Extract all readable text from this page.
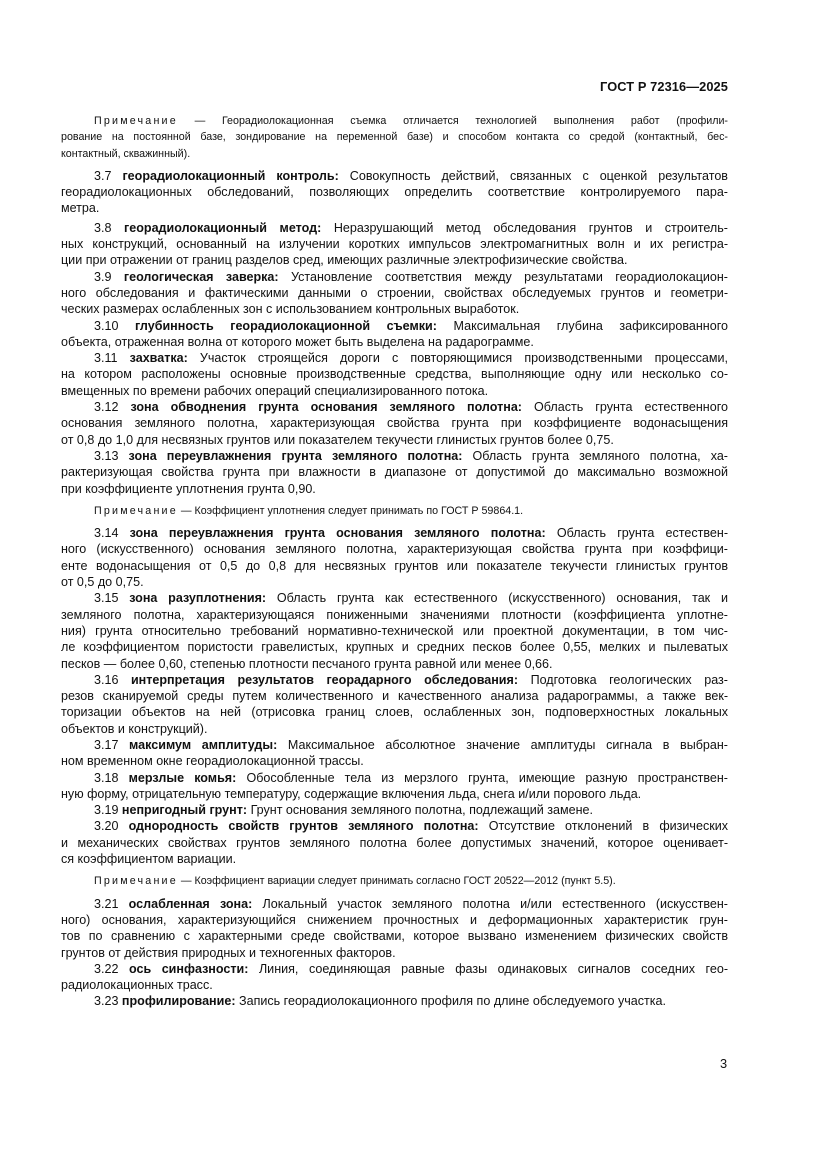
ГОСТ Р 72316—2025
Примечание — Георадиолокационная съемка отличается технологией выполнения работ (профили-
рование на постоянной базе, зондирование на переменной базе) и способом контакта со средой (контактный, бес-
контактный, скважинный).
3.7 георадиолокационный контроль: Совокупность действий, связанных с оценкой результатов
георадиолокационных обследований, позволяющих определить соответствие контролируемого пара-
метра.
3.8 георадиолокационный метод: Неразрушающий метод обследования грунтов и строитель-
ных конструкций, основанный на излучении коротких импульсов электромагнитных волн и их регистра-
ции при отражении от границ разделов сред, имеющих различные электрофизические свойства.
3.9 геологическая заверка: Установление соответствия между результатами георадиолокацион-
ного обследования и фактическими данными о строении, свойствах обследуемых грунтов и геометри-
ческих размерах ослабленных зон с использованием контрольных выработок.
3.10 глубинность георадиолокационной съемки: Максимальная глубина зафиксированного
объекта, отраженная волна от которого может быть выделена на радарограмме.
3.11 захватка: Участок строящейся дороги с повторяющимися производственными процессами,
на котором расположены основные производственные средства, выполняющие одну или несколько со-
вмещенных по времени рабочих операций специализированного потока.
3.12 зона обводнения грунта основания земляного полотна: Область грунта естественного
основания земляного полотна, характеризующая свойства грунта при коэффициенте водонасыщения
от 0,8 до 1,0 для несвязных грунтов или показателем текучести глинистых грунтов более 0,75.
3.13 зона переувлажнения грунта земляного полотна: Область грунта земляного полотна, ха-
рактеризующая свойства грунта при влажности в диапазоне от допустимой до максимально возможной
при коэффициенте уплотнения грунта 0,90.
Примечание — Коэффициент уплотнения следует принимать по ГОСТ Р 59864.1.
3.14 зона переувлажнения грунта основания земляного полотна: Область грунта естествен-
ного (искусственного) основания земляного полотна, характеризующая свойства грунта при коэффици-
енте водонасыщения от 0,5 до 0,8 для несвязных грунтов или показателе текучести глинистых грунтов
от 0,5 до 0,75.
3.15 зона разуплотнения: Область грунта как естественного (искусственного) основания, так и
земляного полотна, характеризующаяся пониженными значениями плотности (коэффициента уплотне-
ния) грунта относительно требований нормативно-технической или проектной документации, в том чис-
ле коэффициентом пористости гравелистых, крупных и средних песков более 0,55, мелких и пылеватых
песков — более 0,60, степенью плотности песчаного грунта равной или менее 0,66.
3.16 интерпретация результатов георадарного обследования: Подготовка геологических раз-
резов сканируемой среды путем количественного и качественного анализа радарограммы, а также век-
торизации объектов на ней (отрисовка границ слоев, ослабленных зон, подповерхностных локальных
объектов и конструкций).
3.17 максимум амплитуды: Максимальное абсолютное значение амплитуды сигнала в выбран-
ном временном окне георадиолокационной трассы.
3.18 мерзлые комья: Обособленные тела из мерзлого грунта, имеющие разную пространствен-
ную форму, отрицательную температуру, содержащие включения льда, снега и/или порового льда.
3.19 непригодный грунт: Грунт основания земляного полотна, подлежащий замене.
3.20 однородность свойств грунтов земляного полотна: Отсутствие отклонений в физических
и механических свойствах грунтов земляного полотна более допустимых значений, которое оценивает-
ся коэффициентом вариации.
Примечание — Коэффициент вариации следует принимать согласно ГОСТ 20522—2012 (пункт 5.5).
3.21 ослабленная зона: Локальный участок земляного полотна и/или естественного (искусствен-
ного) основания, характеризующийся снижением прочностных и деформационных характеристик грун-
тов по сравнению с характерными среде свойствами, которое вызвано изменением физических свойств
грунтов от действия природных и техногенных факторов.
3.22 ось синфазности: Линия, соединяющая равные фазы одинаковых сигналов соседних гео-
радиолокационных трасс.
3.23 профилирование: Запись георадиолокационного профиля по длине обследуемого участка.
3
